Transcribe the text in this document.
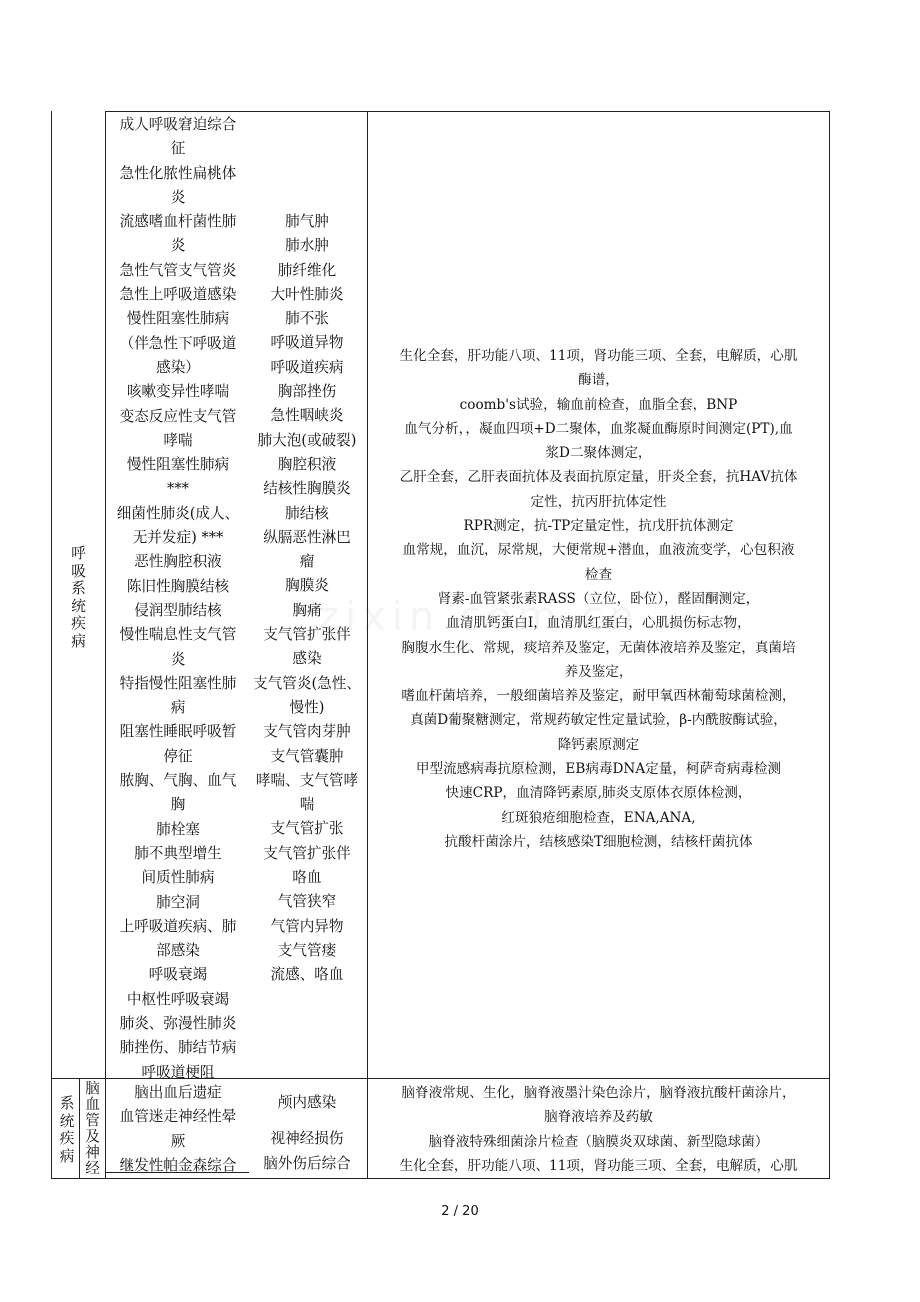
呼
吸
系
统
疾
病
成人呼吸窘迫综合
征
急性化脓性扁桃体
炎
流感嗜血杆菌性肺
炎
急性气管支气管炎
急性上呼吸道感染
慢性阻塞性肺病
（伴急性下呼吸道
感染）
咳嗽变异性哮喘
变态反应性支气管
哮喘
慢性阻塞性肺病
***
细菌性肺炎(成人、
无并发症) ***
恶性胸腔积液
陈旧性胸膜结核
侵润型肺结核
慢性喘息性支气管
炎
特指慢性阻塞性肺
病
阻塞性睡眠呼吸暂
停征
脓胸、气胸、血气
胸
肺栓塞
肺不典型增生
间质性肺病
肺空洞
上呼吸道疾病、肺
部感染
呼吸衰竭
中枢性呼吸衰竭
肺炎、弥漫性肺炎
肺挫伤、肺结节病
呼吸道梗阻
肺气肿
肺水肿
肺纤维化
大叶性肺炎
肺不张
呼吸道异物
呼吸道疾病
胸部挫伤
急性咽峡炎
肺大泡(或破裂)
胸腔积液
结核性胸膜炎
肺结核
纵膈恶性淋巴
瘤
胸膜炎
胸痛
支气管扩张伴
感染
支气管炎(急性、
慢性)
支气管肉芽肿
支气管囊肿
哮喘、支气管哮
喘
支气管扩张
支气管扩张伴
咯血
气管狭窄
气管内异物
支气管瘘
流感、咯血
生化全套，肝功能八项、11项，肾功能三项、全套，电解质，心肌
酶谱，
coomb's试验，输血前检查，血脂全套，BNP
血气分析，，凝血四项+D二聚体，血浆凝血酶原时间测定(PT),血
浆D二聚体测定，
乙肝全套，乙肝表面抗体及表面抗原定量，肝炎全套，抗HAV抗体
定性，抗丙肝抗体定性
RPR测定，抗-TP定量定性，抗戊肝抗体测定
血常规，血沉，尿常规，大便常规+潜血，血液流变学，心包积液
检查
肾素-血管紧张素RASS（立位，卧位），醛固酮测定，
血清肌钙蛋白I，血清肌红蛋白，心肌损伤标志物，
胸腹水生化、常规，痰培养及鉴定，无菌体液培养及鉴定，真菌培
养及鉴定，
嗜血杆菌培养，一般细菌培养及鉴定，耐甲氧西林葡萄球菌检测，
真菌D葡聚糖测定，常规药敏定性定量试验，β-内酰胺酶试验，
降钙素原测定
甲型流感病毒抗原检测，EB病毒DNA定量，柯萨奇病毒检测
快速CRP，血清降钙素原,肺炎支原体衣原体检测，
红斑狼疮细胞检查，ENA,ANA,
抗酸杆菌涂片，结核感染T细胞检测，结核杆菌抗体
系
统
疾
病
脑
血
管
及
神
经
脑出血后遗症
血管迷走神经性晕
厥
继发性帕金森综合
颅内感染
视神经损伤
脑外伤后综合
脑脊液常规、生化，脑脊液墨汁染色涂片，脑脊液抗酸杆菌涂片，
脑脊液培养及药敏
脑脊液特殊细菌涂片检查（脑膜炎双球菌、新型隐球菌）
生化全套，肝功能八项、11项，肾功能三项、全套，电解质，心肌
2 / 20
